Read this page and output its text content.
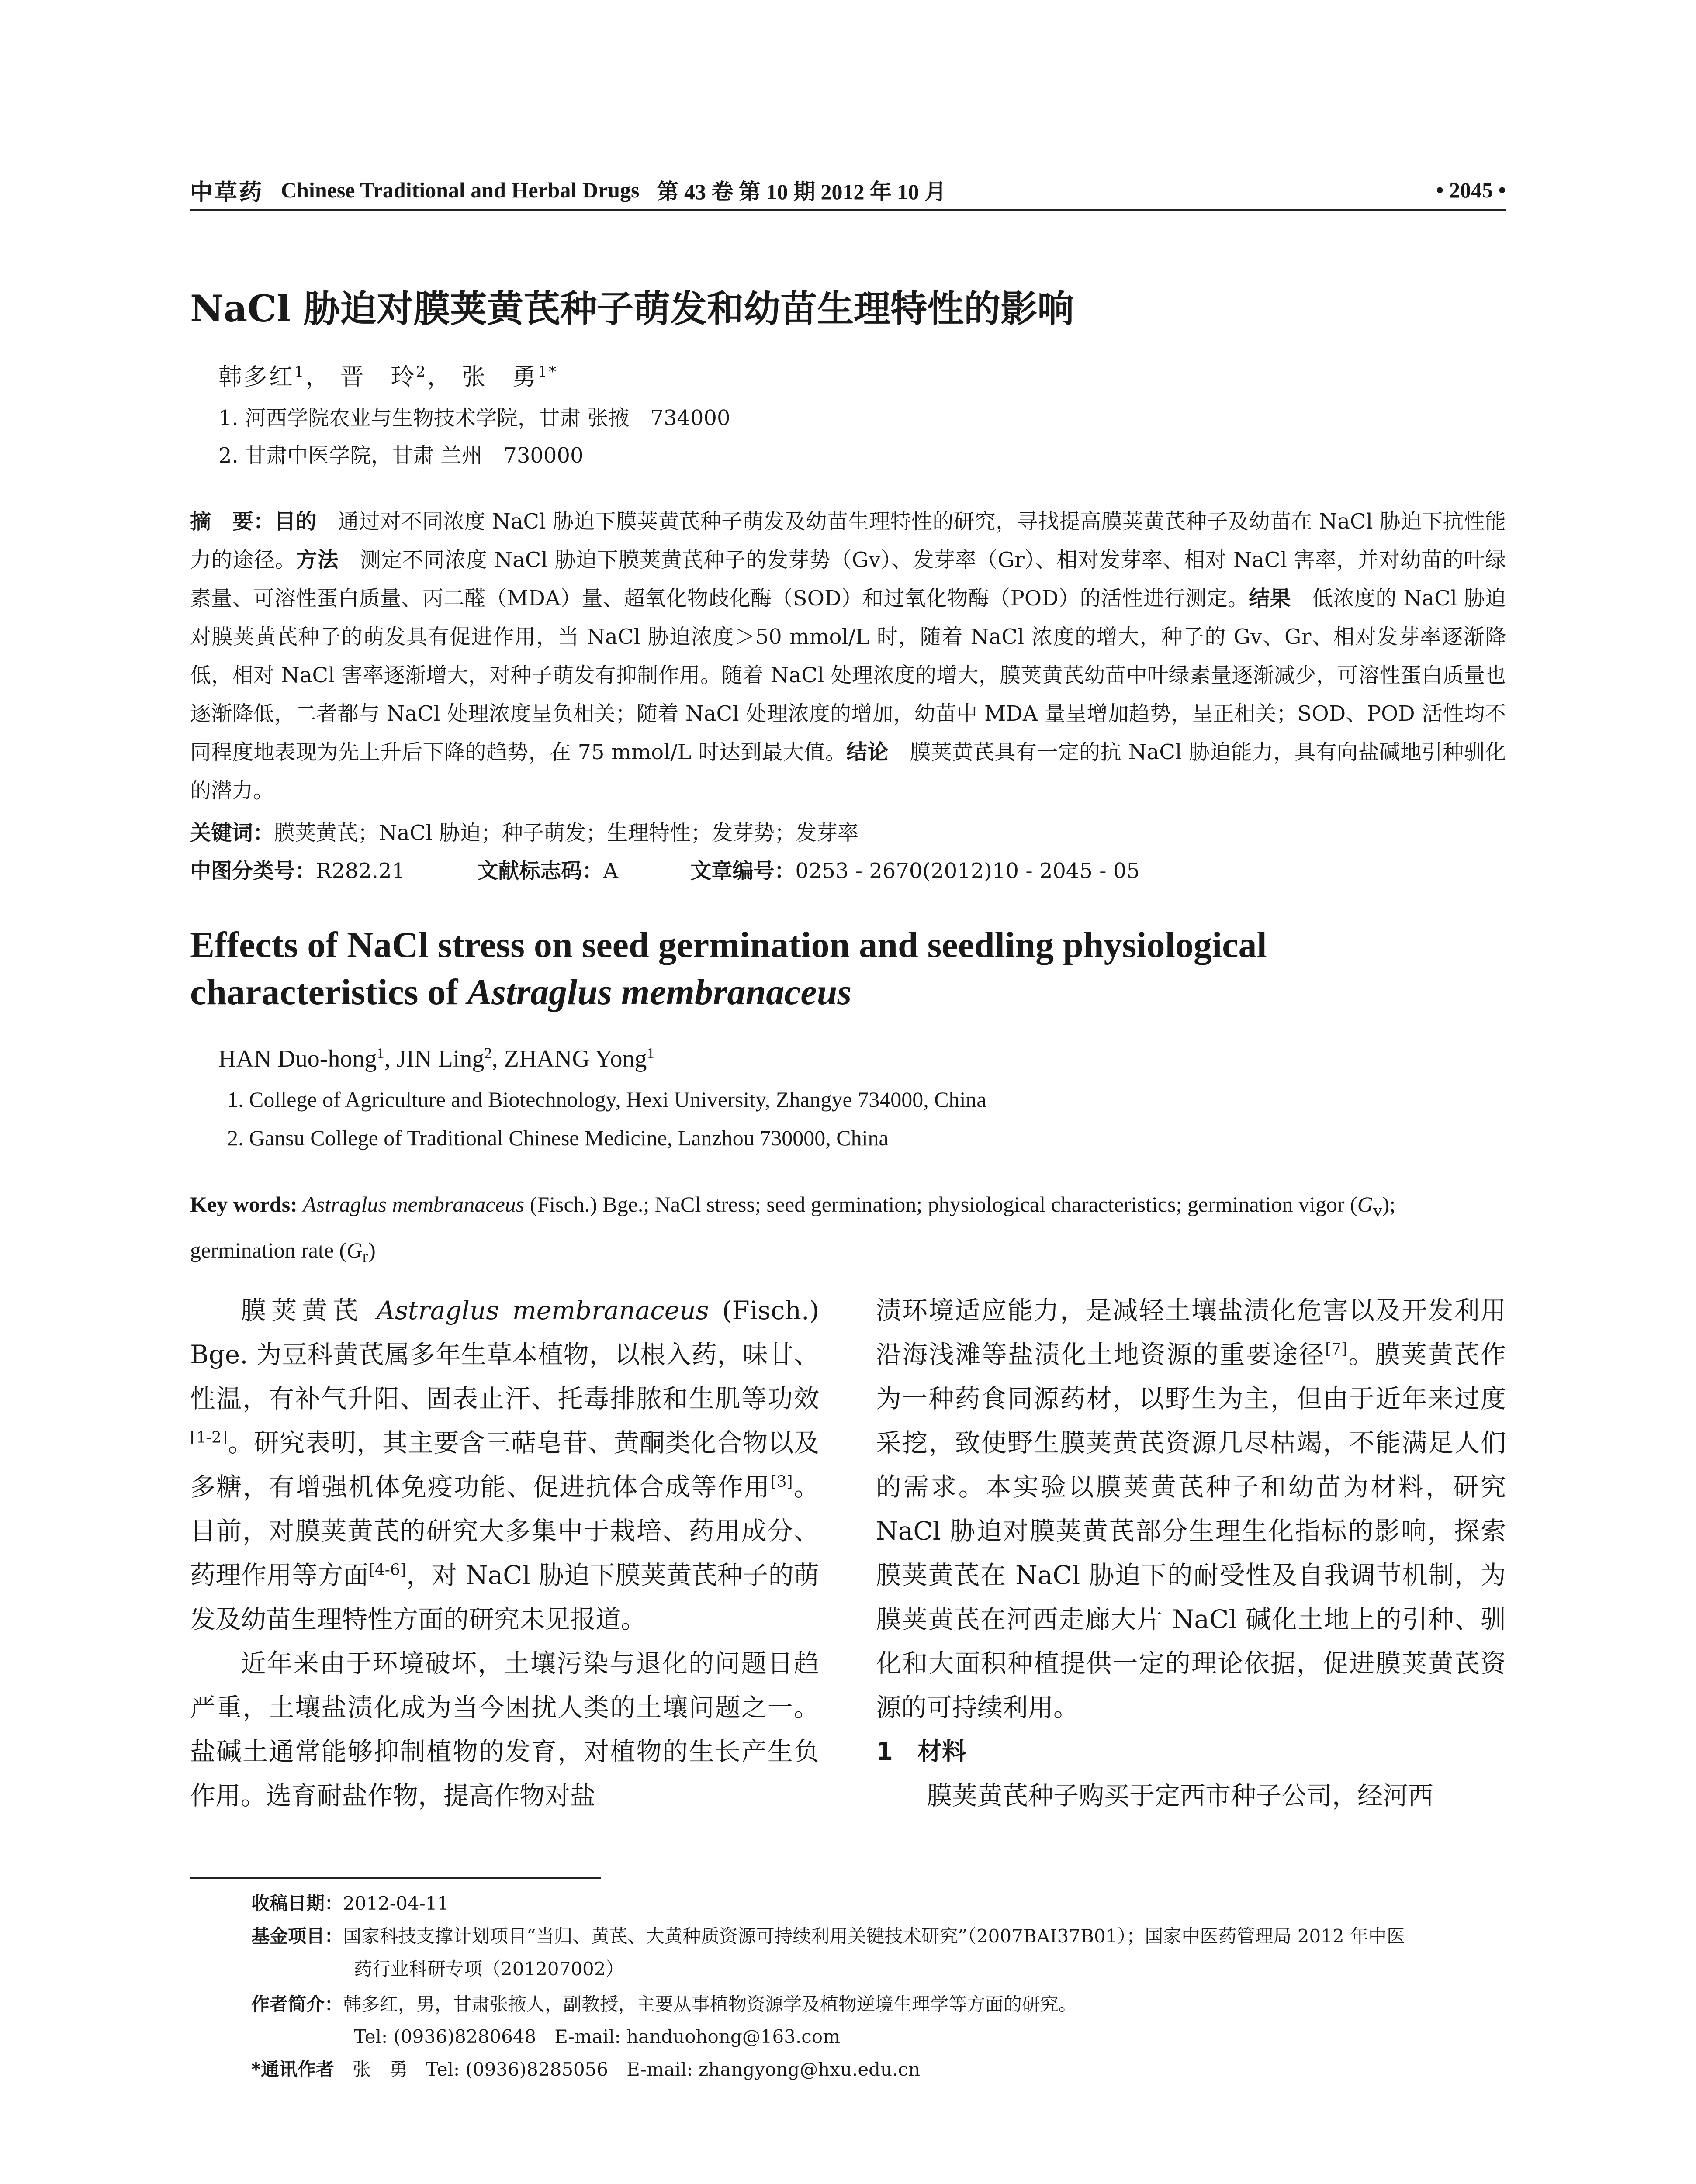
中草药 Chinese Traditional and Herbal Drugs 第 43 卷 第 10 期 2012 年 10 月	• 2045 •
NaCl 胁迫对膜荚黄芪种子萌发和幼苗生理特性的影响
韩多红$^1$， 晋　玲$^2$， 张　勇$^{1*}$
1. 河西学院农业与生物技术学院，甘肃 张掖　734000
2. 甘肃中医学院，甘肃 兰州　730000
摘　要：目的　通过对不同浓度 NaCl 胁迫下膜荚黄芪种子萌发及幼苗生理特性的研究，寻找提高膜荚黄芪种子及幼苗在 NaCl 胁迫下抗性能力的途径。方法　测定不同浓度 NaCl 胁迫下膜荚黄芪种子的发芽势（Gv）、发芽率（Gr）、相对发芽率、相对 NaCl 害率，并对幼苗的叶绿素量、可溶性蛋白质量、丙二醛（MDA）量、超氧化物歧化酶（SOD）和过氧化物酶（POD）的活性进行测定。结果　低浓度的 NaCl 胁迫对膜荚黄芪种子的萌发具有促进作用，当 NaCl 胁迫浓度＞50 mmol/L 时，随着 NaCl 浓度的增大，种子的 Gv、Gr、相对发芽率逐渐降低，相对 NaCl 害率逐渐增大，对种子萌发有抑制作用。随着 NaCl 处理浓度的增大，膜荚黄芪幼苗中叶绿素量逐渐减少，可溶性蛋白质量也逐渐降低，二者都与 NaCl 处理浓度呈负相关；随着 NaCl 处理浓度的增加，幼苗中 MDA 量呈增加趋势，呈正相关；SOD、POD 活性均不同程度地表现为先上升后下降的趋势，在 75 mmol/L 时达到最大值。结论　膜荚黄芪具有一定的抗 NaCl 胁迫能力，具有向盐碱地引种驯化的潜力。
关键词：膜荚黄芪；NaCl 胁迫；种子萌发；生理特性；发芽势；发芽率
中图分类号：R282.21	文献标志码：A	文章编号：0253 - 2670(2012)10 - 2045 - 05
Effects of NaCl stress on seed germination and seedling physiological
characteristics of Astraglus membranaceus
HAN Duo-hong$^1$, JIN Ling$^2$, ZHANG Yong$^1$
1. College of Agriculture and Biotechnology, Hexi University, Zhangye 734000, China
2. Gansu College of Traditional Chinese Medicine, Lanzhou 730000, China
Key words: Astraglus membranaceus (Fisch.) Bge.; NaCl stress; seed germination; physiological characteristics; germination vigor $(G_v)$; germination rate $(G_r)$

膜荚黄芪 Astraglus membranaceus (Fisch.) Bge. 为豆科黄芪属多年生草本植物，以根入药，味甘、性温，有补气升阳、固表止汗、托毒排脓和生肌等功效[1-2]。研究表明，其主要含三萜皂苷、黄酮类化合物以及多糖，有增强机体免疫功能、促进抗体合成等作用[3]。目前，对膜荚黄芪的研究大多集中于栽培、药用成分、药理作用等方面[4-6]，对 NaCl 胁迫下膜荚黄芪种子的萌发及幼苗生理特性方面的研究未见报道。

近年来由于环境破坏，土壤污染与退化的问题日趋严重，土壤盐渍化成为当今困扰人类的土壤问题之一。盐碱土通常能够抑制植物的发育，对植物的生长产生负作用。选育耐盐作物，提高作物对盐

渍环境适应能力，是减轻土壤盐渍化危害以及开发利用沿海浅滩等盐渍化土地资源的重要途径[7]。膜荚黄芪作为一种药食同源药材，以野生为主，但由于近年来过度采挖，致使野生膜荚黄芪资源几尽枯竭，不能满足人们的需求。本实验以膜荚黄芪种子和幼苗为材料，研究 NaCl 胁迫对膜荚黄芪部分生理生化指标的影响，探索膜荚黄芪在 NaCl 胁迫下的耐受性及自我调节机制，为膜荚黄芪在河西走廊大片 NaCl 碱化土地上的引种、驯化和大面积种植提供一定的理论依据，促进膜荚黄芪资源的可持续利用。

1　材料

膜荚黄芪种子购买于定西市种子公司，经河西

收稿日期：2012-04-11
基金项目：国家科技支撑计划项目“当归、黄芪、大黄种质资源可持续利用关键技术研究”（2007BAI37B01）；国家中医药管理局 2012 年中医
药行业科研专项（201207002）
作者简介：韩多红，男，甘肃张掖人，副教授，主要从事植物资源学及植物逆境生理学等方面的研究。
Tel: (0936)8280648　E-mail: handuohong@163.com
*通讯作者　张　勇　Tel: (0936)8285056　E-mail: zhangyong@hxu.edu.cn
